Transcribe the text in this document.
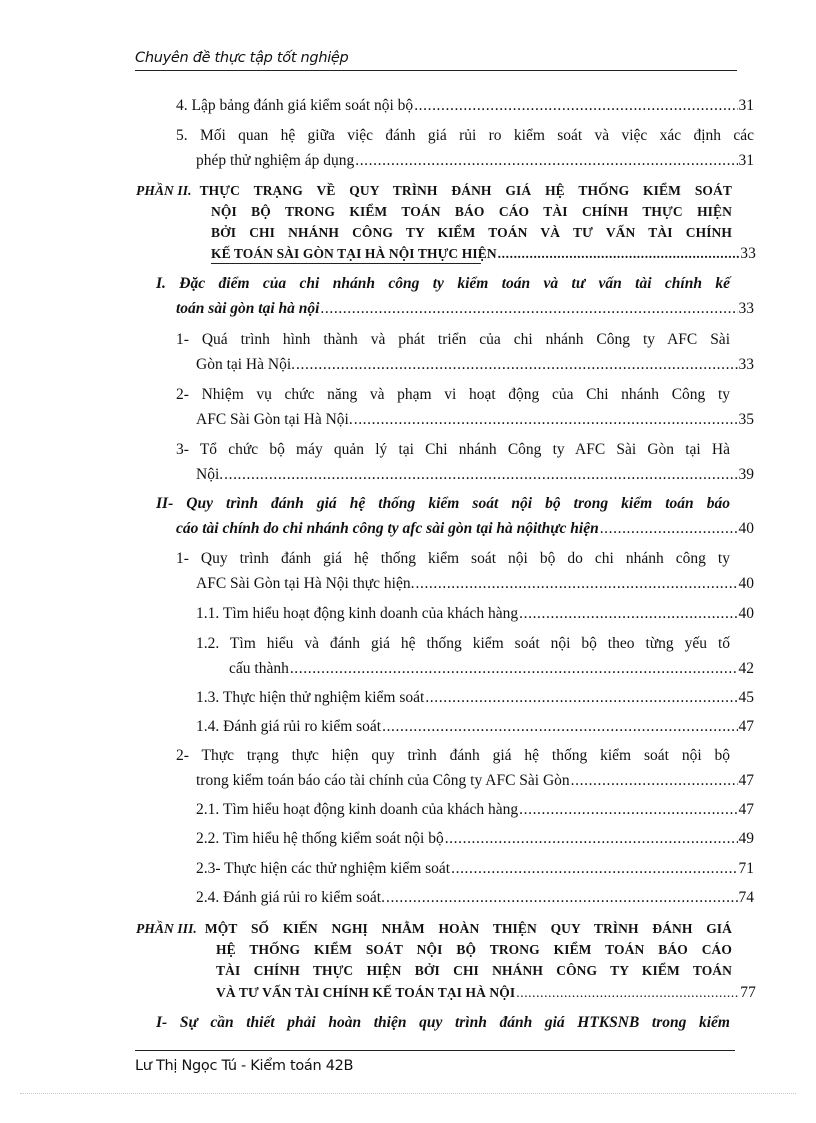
Chuyên đề thực tập tốt nghiệp
4. Lập bảng đánh giá kiểm soát nội bộ .....	31
5. Mối quan hệ giữa việc đánh giá rủi ro kiểm soát và việc xác định các
phép thử nghiệm áp dụng .....	31
PHẦN II. THỰC TRẠNG VỀ QUY TRÌNH ĐÁNH GIÁ HỆ THỐNG KIỂM SOÁT
NỘI BỘ TRONG KIỂM TOÁN BÁO CÁO TÀI CHÍNH THỰC HIỆN
BỞI CHI NHÁNH CÔNG TY KIỂM TOÁN VÀ TƯ VẤN TÀI CHÍNH
KẾ TOÁN SÀI GÒN TẠI HÀ NỘI THỰC HIỆN .....	33
I. Đặc điểm của chi nhánh công ty kiểm toán và tư vấn tài chính kế
toán sài gòn tại hà nội .....	33
1- Quá trình hình thành và phát triển của chi nhánh Công ty AFC Sài
Gòn tại Hà Nội. .....	33
2- Nhiệm vụ chức năng và phạm vi hoạt động của Chi nhánh Công ty
AFC Sài Gòn tại Hà Nội. .....	35
3- Tổ chức bộ máy quản lý tại Chi nhánh Công ty AFC Sài Gòn tại Hà
Nội. .....	39
II- Quy trình đánh giá hệ thống kiểm soát nội bộ trong kiểm toán báo
cáo tài chính do chi nhánh công ty afc sài gòn tại hà nộithực hiện .....	40
1- Quy trình đánh giá hệ thống kiểm soát nội bộ do chi nhánh công ty
AFC Sài Gòn tại Hà Nội thực hiện. .....	40
1.1. Tìm hiểu hoạt động kinh doanh của khách hàng .....	40
1.2. Tìm hiểu và đánh giá hệ thống kiểm soát nội bộ theo từng yếu tố
cấu thành .....	42
1.3. Thực hiện thử nghiệm kiểm soát .....	45
1.4. Đánh giá rủi ro kiểm soát .....	47
2- Thực trạng thực hiện quy trình đánh giá hệ thống kiểm soát nội bộ
trong kiểm toán báo cáo tài chính của Công ty AFC Sài Gòn .....	47
2.1. Tìm hiểu hoạt động kinh doanh của khách hàng .....	47
2.2. Tìm hiểu hệ thống kiểm soát nội bộ .....	49
2.3- Thực hiện các thử nghiệm kiểm soát .....	71
2.4. Đánh giá rủi ro kiểm soát. .....	74
PHẦN III. MỘT SỐ KIẾN NGHỊ NHẰM HOÀN THIỆN QUY TRÌNH ĐÁNH GIÁ
HỆ THỐNG KIỂM SOÁT NỘI BỘ TRONG KIỂM TOÁN BÁO CÁO
TÀI CHÍNH THỰC HIỆN BỞI CHI NHÁNH CÔNG TY KIỂM TOÁN
VÀ TƯ VẤN TÀI CHÍNH KẾ TOÁN TẠI HÀ NỘI .....	77
I- Sự cần thiết phải hoàn thiện quy trình đánh giá HTKSNB trong kiểm
Lư Thị Ngọc Tú - Kiểm toán 42B
